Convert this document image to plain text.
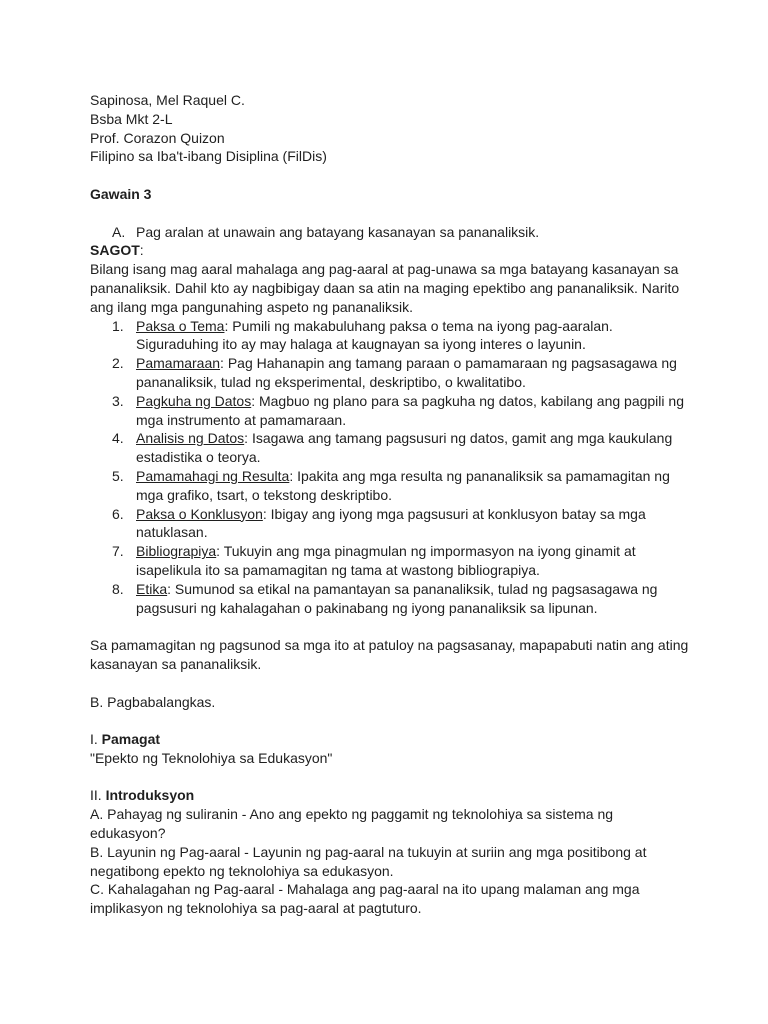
Sapinosa, Mel Raquel C.

Bsba Mkt 2-L

Prof. Corazon Quizon

Filipino sa Iba't-ibang Disiplina (FilDis)

Gawain 3

A. Pag aralan at unawain ang batayang kasanayan sa pananaliksik.

SAGOT:

Bilang isang mag aaral mahalaga ang pag-aaral at pag-unawa sa mga batayang kasanayan sa pananaliksik. Dahil kto ay nagbibigay daan sa atin na maging epektibo ang pananaliksik. Narito ang ilang mga pangunahing aspeto ng pananaliksik.

1. Paksa o Tema: Pumili ng makabuluhang paksa o tema na iyong pag-aaralan. Siguraduhing ito ay may halaga at kaugnayan sa iyong interes o layunin.
2. Pamamaraan: Pag Hahanapin ang tamang paraan o pamamaraan ng pagsasagawa ng pananaliksik, tulad ng eksperimental, deskriptibo, o kwalitatibo.
3. Pagkuha ng Datos: Magbuo ng plano para sa pagkuha ng datos, kabilang ang pagpili ng mga instrumento at pamamaraan.
4. Analisis ng Datos: Isagawa ang tamang pagsusuri ng datos, gamit ang mga kaukulang estadistika o teorya.
5. Pamamahagi ng Resulta: Ipakita ang mga resulta ng pananaliksik sa pamamagitan ng mga grafiko, tsart, o tekstong deskriptibo.
6. Paksa o Konklusyon: Ibigay ang iyong mga pagsusuri at konklusyon batay sa mga natuklasan.
7. Bibliograpiya: Tukuyin ang mga pinagmulan ng impormasyon na iyong ginamit at isapelikula ito sa pamamagitan ng tama at wastong bibliograpiya.
8. Etika: Sumunod sa etikal na pamantayan sa pananaliksik, tulad ng pagsasagawa ng pagsusuri ng kahalagahan o pakinabang ng iyong pananaliksik sa lipunan.

Sa pamamagitan ng pagsunod sa mga ito at patuloy na pagsasanay, mapapabuti natin ang ating kasanayan sa pananaliksik.

B. Pagbabalangkas.

I. Pamagat

"Epekto ng Teknolohiya sa Edukasyon"

II. Introduksyon

A. Pahayag ng suliranin - Ano ang epekto ng paggamit ng teknolohiya sa sistema ng edukasyon?

B. Layunin ng Pag-aaral - Layunin ng pag-aaral na tukuyin at suriin ang mga positibong at negatibong epekto ng teknolohiya sa edukasyon.

C. Kahalagahan ng Pag-aaral - Mahalaga ang pag-aaral na ito upang malaman ang mga implikasyon ng teknolohiya sa pag-aaral at pagtuturo.
